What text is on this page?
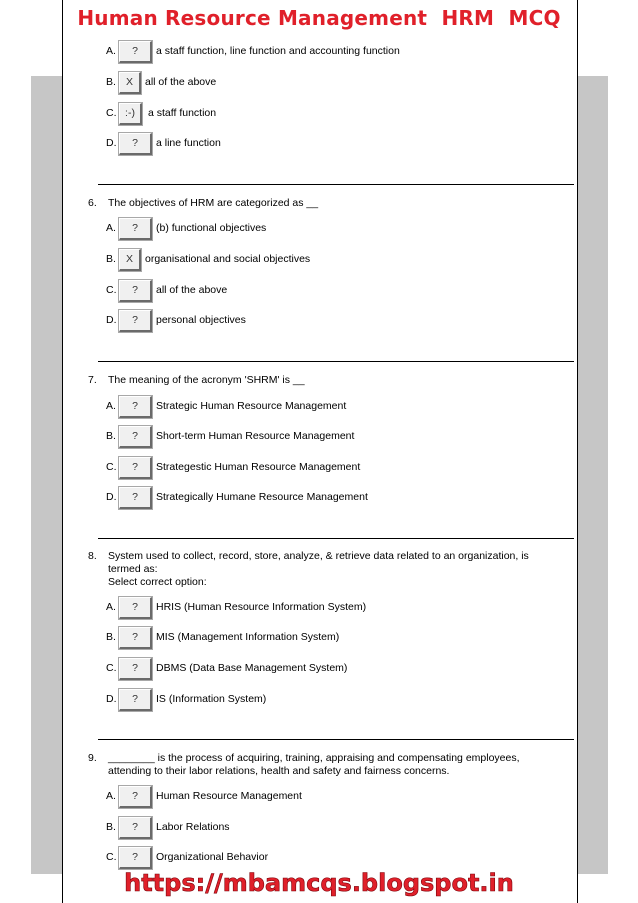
Human Resource Management  HRM  MCQ
A.	?	a staff function, line function and accounting function
B. X	all of the above
C. :-)	a staff function
D.	?	a line function
6. The objectives of HRM are categorized as __
A.	?	(b) functional objectives
B. X	organisational and social objectives
C.	?	all of the above
D.	?	personal objectives
7. The meaning of the acronym 'SHRM' is __
A.	?	Strategic Human Resource Management
B.	?	Short-term Human Resource Management
C.	?	Strategestic Human Resource Management
D.	?	Strategically Humane Resource Management
8. System used to collect, record, store, analyze, & retrieve data related to an organization, is
termed as:
Select correct option:
A.	?	HRIS (Human Resource Information System)
B.	?	MIS (Management Information System)
C.	?	DBMS (Data Base Management System)
D.	?	IS (Information System)
9. ________ is the process of acquiring, training, appraising and compensating employees,
attending to their labor relations, health and safety and fairness concerns.
A.	?	Human Resource Management
B.	?	Labor Relations
C.	?	Organizational Behavior
https://mbamcqs.blogspot.in
